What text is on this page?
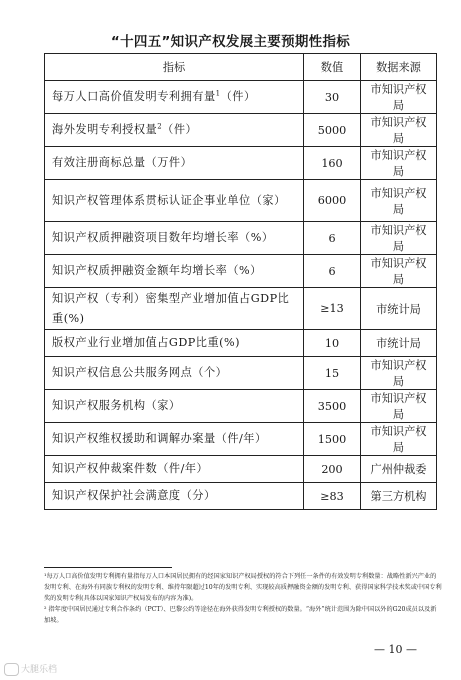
“十四五”知识产权发展主要预期性指标
指标	数值	数据来源
每万人口高价值发明专利拥有量$^1$（件）	30	市知识产权局
海外发明专利授权量$^2$（件）	5000	市知识产权局
有效注册商标总量（万件）	160	市知识产权局
知识产权管理体系贯标认证企事业单位（家）	6000	市知识产权局
知识产权质押融资项目数年均增长率（%）	6	市知识产权局
知识产权质押融资金额年均增长率（%）	6	市知识产权局
知识产权（专利）密集型产业增加值占GDP比重(%)	≥13	市统计局
版权产业行业增加值占GDP比重(%)	10	市统计局
知识产权信息公共服务网点（个）	15	市知识产权局
知识产权服务机构（家）	3500	市知识产权局
知识产权维权援助和调解办案量（件/年）	1500	市知识产权局
知识产权仲裁案件数（件/年）	200	广州仲裁委
知识产权保护社会满意度（分）	≥83	第三方机构

¹每万人口高价值发明专利拥有量指每万人口本国居民拥有的经国家知识产权局授权的符合下列任一条件的有效发明专利数量：战略性新兴产业的发明专利、在海外有同族专利权的发明专利、维持年限超过10年的发明专利、实现较高质押融资金额的发明专利、获得国家科学技术奖或中国专利奖的发明专利(具体以国家知识产权局发布的内容为准)。

² 指年度中国居民通过专利合作条约（PCT）、巴黎公约等途径在海外获得发明专利授权的数量。“海外”统计范围为除中国以外的G20成员以及新加坡。

— 10 —
大腿乐档
